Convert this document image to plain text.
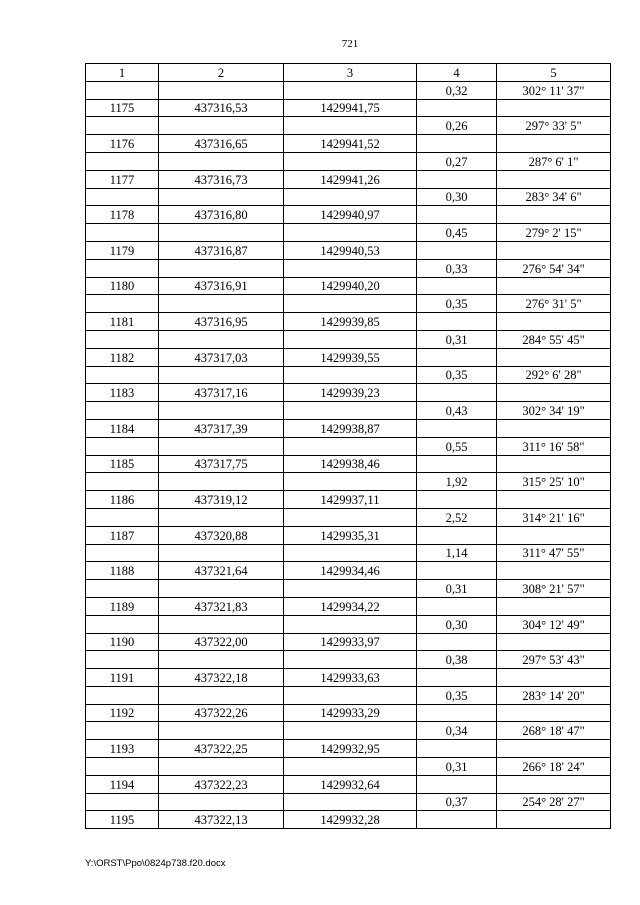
721
1	2	3	4	5
			0,32	302° 11' 37"
1175	437316,53	1429941,75		
			0,26	297° 33' 5"
1176	437316,65	1429941,52		
			0,27	287° 6' 1"
1177	437316,73	1429941,26		
			0,30	283° 34' 6"
1178	437316,80	1429940,97		
			0,45	279° 2' 15"
1179	437316,87	1429940,53		
			0,33	276° 54' 34"
1180	437316,91	1429940,20		
			0,35	276° 31' 5"
1181	437316,95	1429939,85		
			0,31	284° 55' 45"
1182	437317,03	1429939,55		
			0,35	292° 6' 28"
1183	437317,16	1429939,23		
			0,43	302° 34' 19"
1184	437317,39	1429938,87		
			0,55	311° 16' 58"
1185	437317,75	1429938,46		
			1,92	315° 25' 10"
1186	437319,12	1429937,11		
			2,52	314° 21' 16"
1187	437320,88	1429935,31		
			1,14	311° 47' 55"
1188	437321,64	1429934,46		
			0,31	308° 21' 57"
1189	437321,83	1429934,22		
			0,30	304° 12' 49"
1190	437322,00	1429933,97		
			0,38	297° 53' 43"
1191	437322,18	1429933,63		
			0,35	283° 14' 20"
1192	437322,26	1429933,29		
			0,34	268° 18' 47"
1193	437322,25	1429932,95		
			0,31	266° 18' 24"
1194	437322,23	1429932,64		
			0,37	254° 28' 27"
1195	437322,13	1429932,28		
Y:\ORST\Ppo\0824p738.f20.docx
